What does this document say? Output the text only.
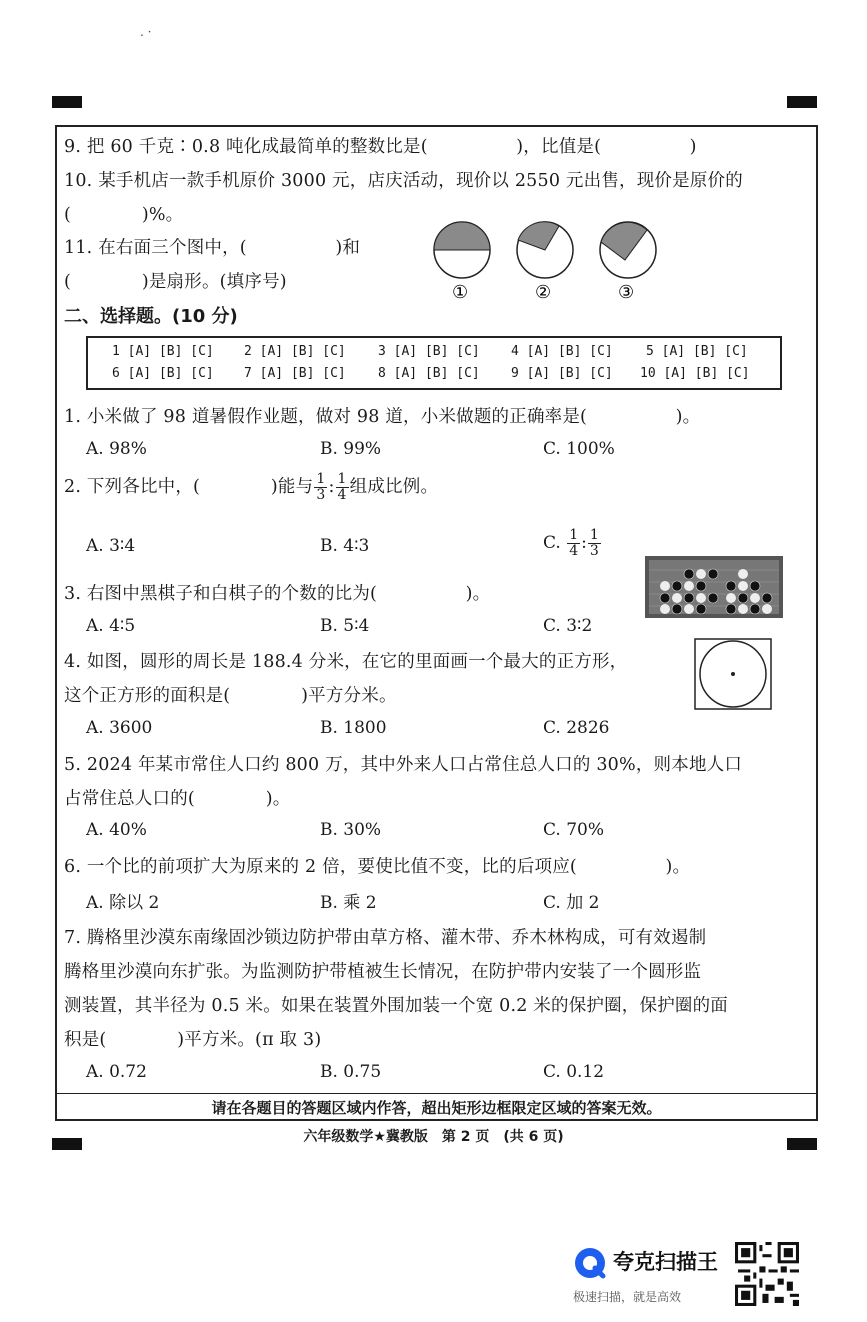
. ·
9. 把 60 千克∶0.8 吨化成最简单的整数比是(　　　　　)，比值是(　　　　　)
10. 某手机店一款手机原价 3000 元，店庆活动，现价以 2550 元出售，现价是原价的
(　　　　)%。
11. 在右面三个图中，(　　　　　)和
(　　　　)是扇形。(填序号)	①	②	③
二、选择题。(10 分)
1 [A] [B] [C] 2 [A] [B] [C] 3 [A] [B] [C] 4 [A] [B] [C]	5 [A] [B] [C]
6 [A] [B] [C] 7 [A] [B] [C] 8 [A] [B] [C] 9 [A] [B] [C] 10 [A] [B] [C]
1. 小米做了 98 道暑假作业题，做对 98 道，小米做题的正确率是(　　　　　)。
A. 98%	B. 99%	C. 100%
2. 下列各比中，(　　　　)能与 $\frac{1}{3}$ : $\frac{1}{4}$ 组成比例。
A. 3∶4	B. 4∶3	C. $\frac{1}{4}$ : $\frac{1}{3}$
3. 右图中黑棋子和白棋子的个数的比为(　　　　　)。
A. 4∶5	B. 5∶4	C. 3∶2
4. 如图，圆形的周长是 188.4 分米，在它的里面画一个最大的正方形，
这个正方形的面积是(　　　　)平方分米。
A. 3600	B. 1800	C. 2826
5. 2024 年某市常住人口约 800 万，其中外来人口占常住总人口的 30%，则本地人口
占常住总人口的(　　　　)。
A. 40%	B. 30%	C. 70%
6. 一个比的前项扩大为原来的 2 倍，要使比值不变，比的后项应(　　　　　)。
A. 除以 2	B. 乘 2	C. 加 2
7. 腾格里沙漠东南缘固沙锁边防护带由草方格、灌木带、乔木林构成，可有效遏制
腾格里沙漠向东扩张。为监测防护带植被生长情况，在防护带内安装了一个圆形监
测装置，其半径为 0.5 米。如果在装置外围加装一个宽 0.2 米的保护圈，保护圈的面
积是(　　　　)平方米。(π 取 3)
A. 0.72	B. 0.75	C. 0.12
请在各题目的答题区域内作答，超出矩形边框限定区域的答案无效。
六年级数学★冀教版　第 2 页　(共 6 页)
夸克扫描王
极速扫描，就是高效
